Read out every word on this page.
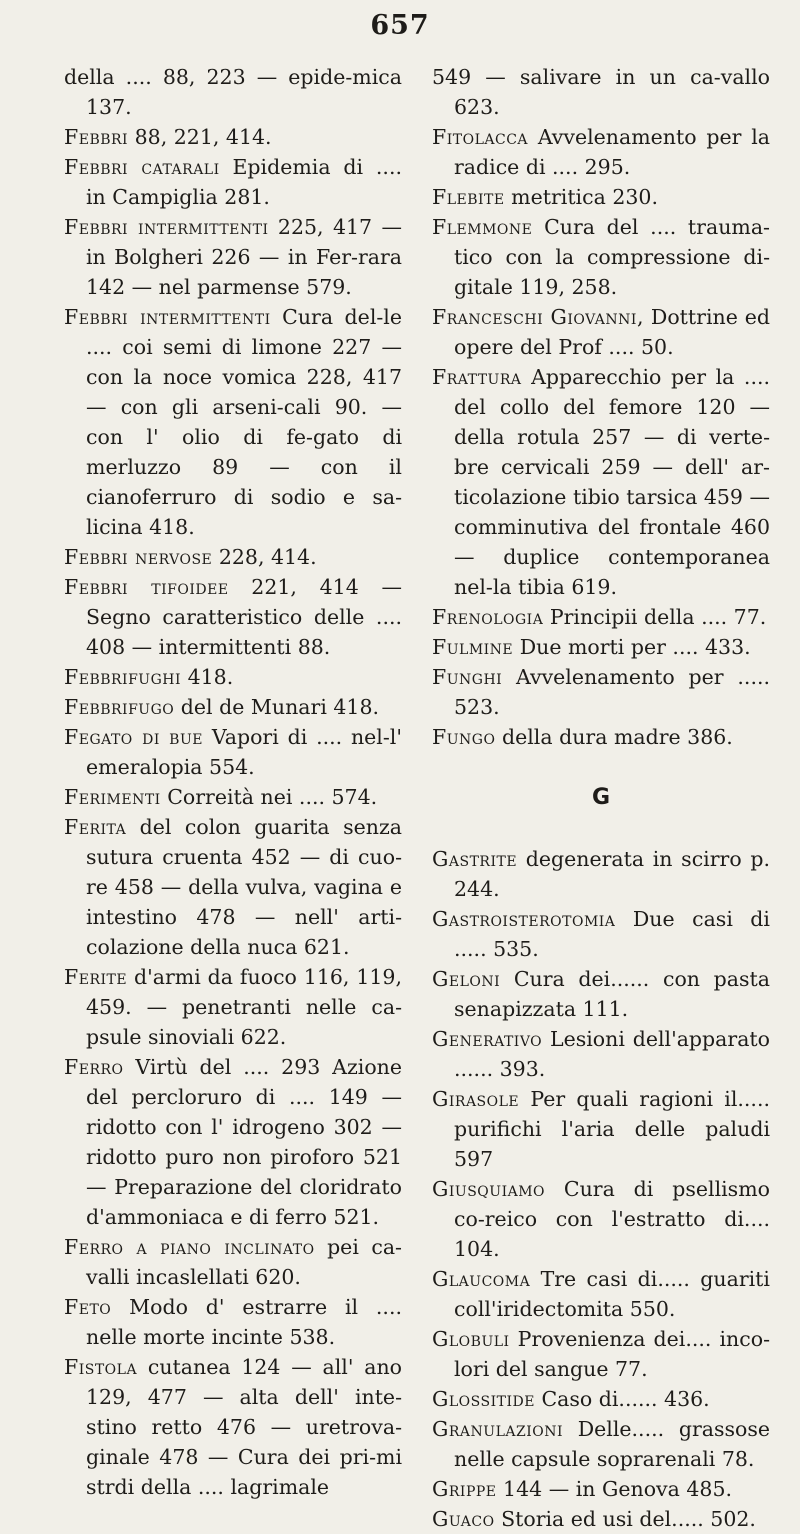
657

della .... 88, 223 — epide-mica 137.

Febbri 88, 221, 414.

Febbri catarali Epidemia di .... in Campiglia 281.

Febbri intermittenti 225, 417 — in Bolgheri 226 — in Fer-rara 142 — nel parmense 579.

Febbri intermittenti Cura del-le .... coi semi di limone 227 — con la noce vomica 228, 417 — con gli arseni-cali 90. — con l' olio di fe-gato di merluzzo 89 — con il cianoferruro di sodio e sa-licina 418.

Febbri nervose 228, 414.

Febbri tifoidee 221, 414 — Segno caratteristico delle .... 408 — intermittenti 88.

Febbrifughi 418.

Febbrifugo del de Munari 418.

Fegato di bue Vapori di .... nel-l' emeralopia 554.

Ferimenti Correità nei .... 574.

Ferita del colon guarita senza sutura cruenta 452 — di cuo-re 458 — della vulva, vagina e intestino 478 — nell' arti-colazione della nuca 621.

Ferite d'armi da fuoco 116, 119, 459. — penetranti nelle ca-psule sinoviali 622.

Ferro Virtù del .... 293 Azione del percloruro di .... 149 — ridotto con l' idrogeno 302 — ridotto puro non piroforo 521 — Preparazione del cloridrato d'ammoniaca e di ferro 521.

Ferro a piano inclinato pei ca-valli incaslellati 620.

Feto Modo d' estrarre il .... nelle morte incinte 538.

Fistola cutanea 124 — all' ano 129, 477 — alta dell' inte-stino retto 476 — uretrova-ginale 478 — Cura dei pri-mi strdi della .... lagrimale

549 — salivare in un ca-vallo 623.

Fitolacca Avvelenamento per la radice di .... 295.

Flebite metritica 230.

Flemmone Cura del .... trauma-tico con la compressione di-gitale 119, 258.

Franceschi Giovanni, Dottrine ed opere del Prof .... 50.

Frattura Apparecchio per la .... del collo del femore 120 — della rotula 257 — di verte-bre cervicali 259 — dell' ar-ticolazione tibio tarsica 459 — comminutiva del frontale 460 — duplice contemporanea nel-la tibia 619.

Frenologia Principii della .... 77.

Fulmine Due morti per .... 433.

Funghi Avvelenamento per ..... 523.

Fungo della dura madre 386.

G

Gastrite degenerata in scirro p. 244.

Gastroisterotomia Due casi di ..... 535.

Geloni Cura dei...... con pasta senapizzata 111.

Generativo Lesioni dell'apparato ...... 393.

Girasole Per quali ragioni il..... purifichi l'aria delle paludi 597

Giusquiamo Cura di psellismo co-reico con l'estratto di.... 104.

Glaucoma Tre casi di..... guariti coll'iridectomita 550.

Globuli Provenienza dei.... inco-lori del sangue 77.

Glossitide Caso di...... 436.

Granulazioni Delle..... grassose nelle capsule soprarenali 78.

Grippe 144 — in Genova 485.

Guaco Storia ed usi del..... 502.
